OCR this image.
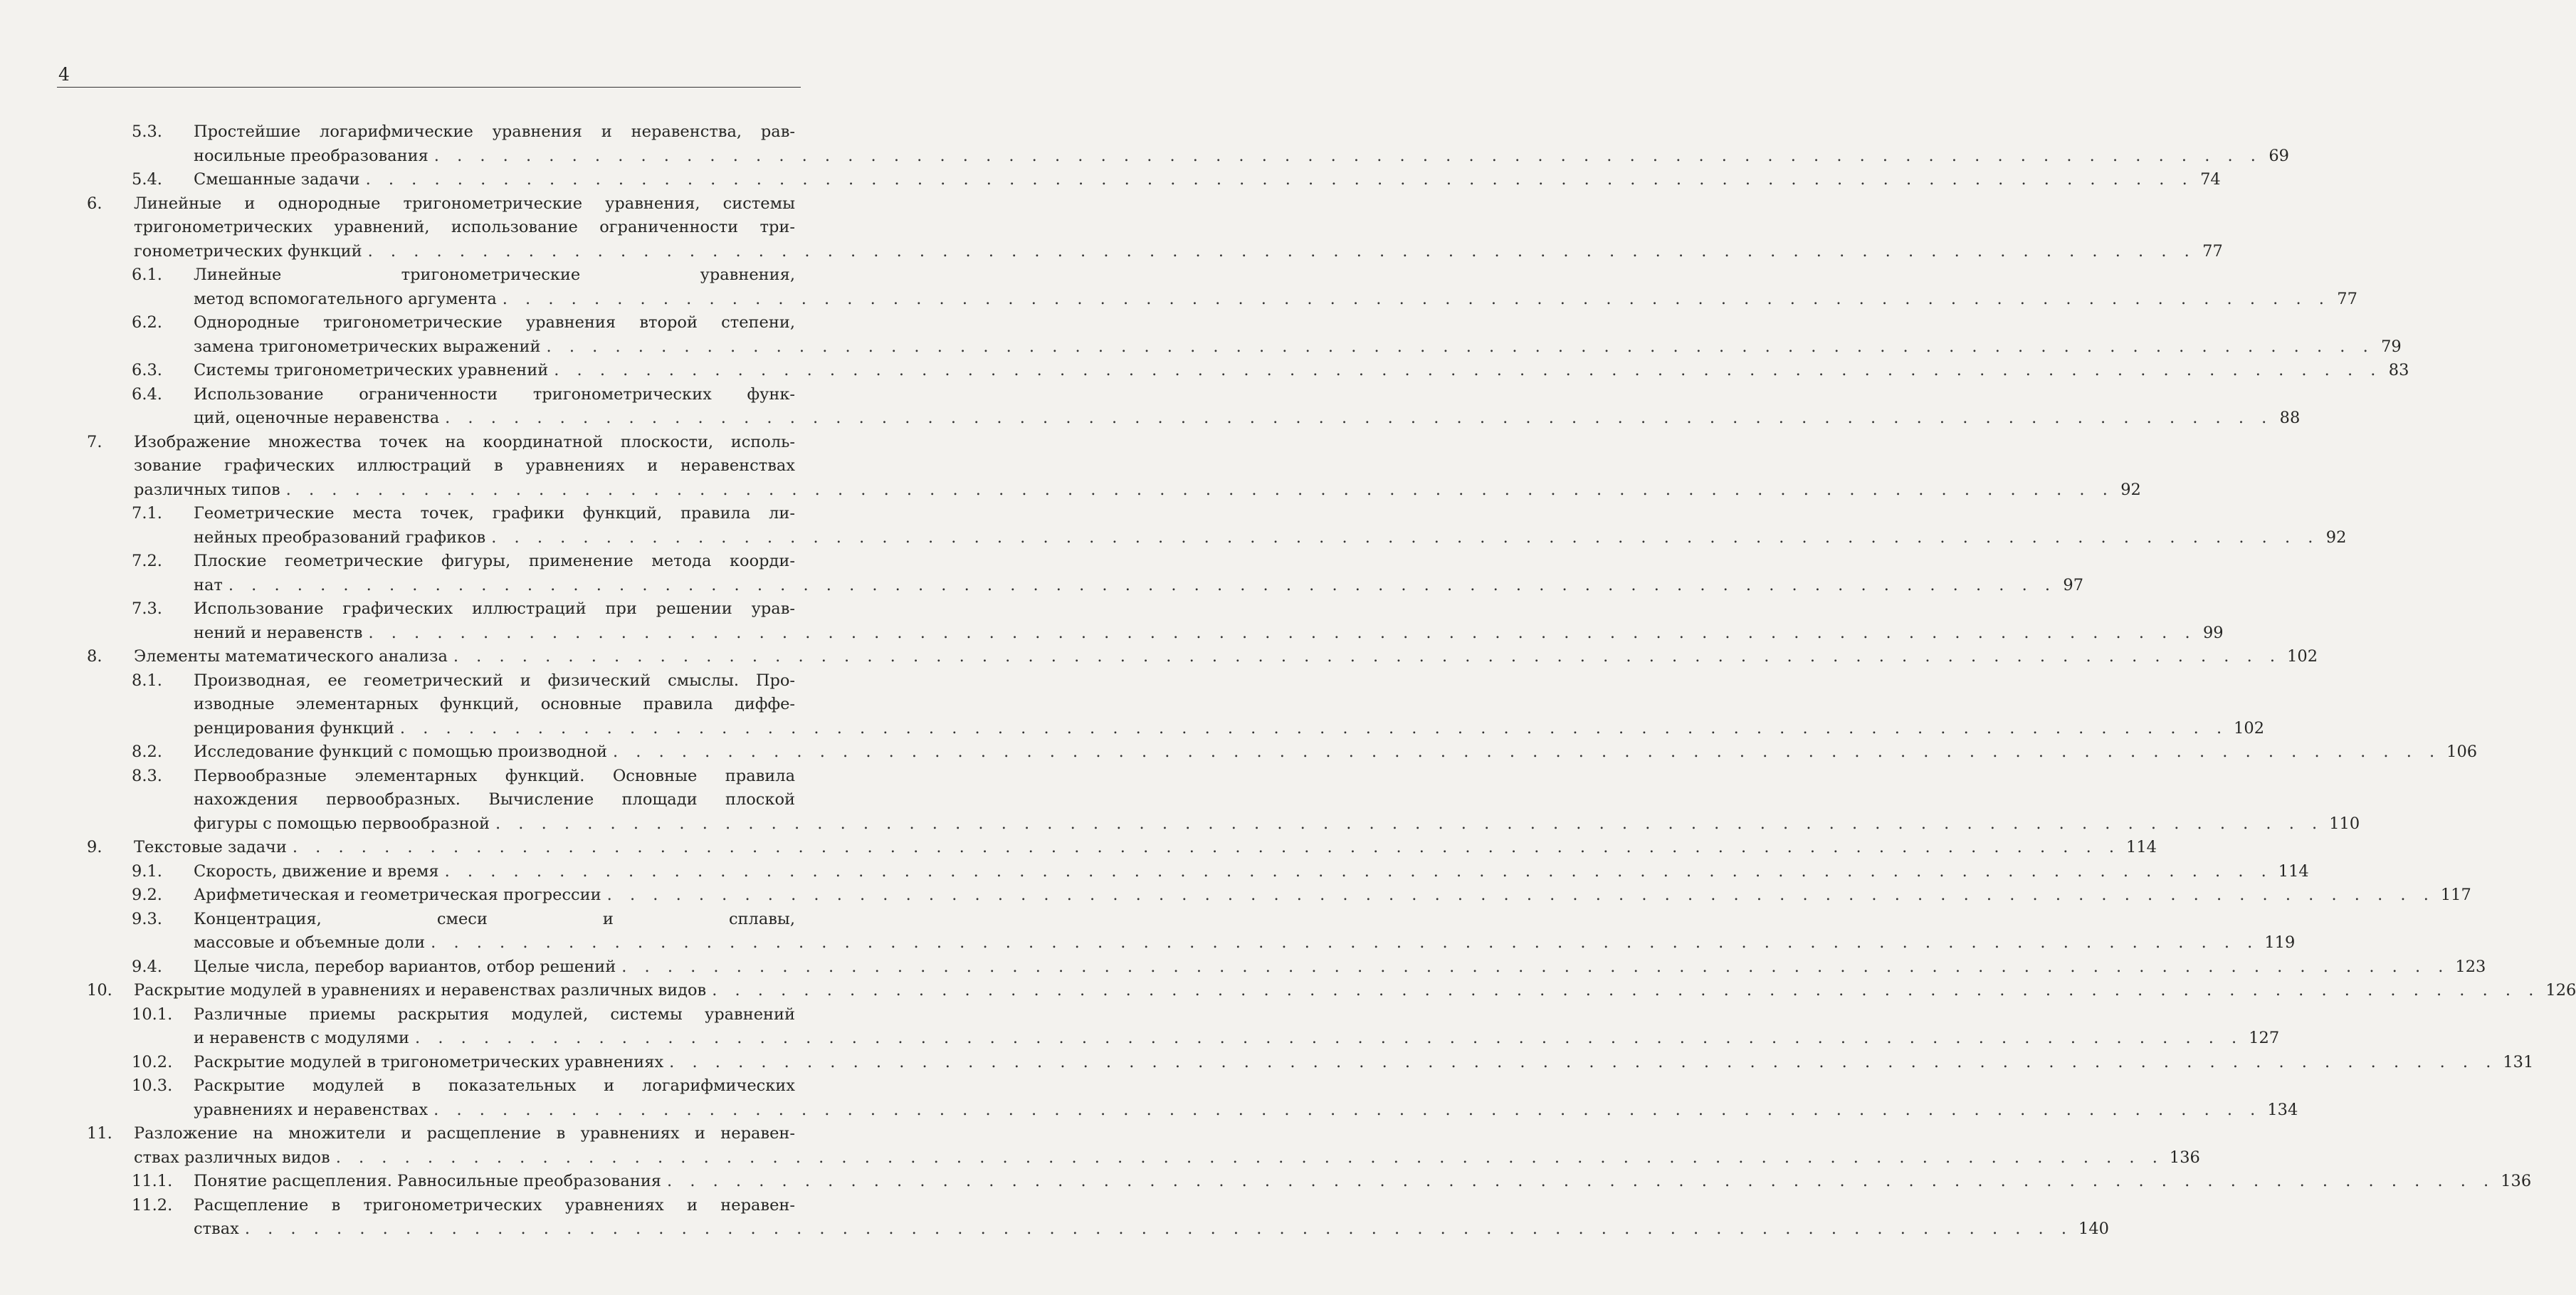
4
5.3. Простейшие логарифмические уравнения и неравенства, рав-
носильные преобразования . . . . . . . . . . . . . . . . . . . . . . . . . . . . . . . . . . . . . . . . . . . . . . . . . . . . . . . . . . . . . . . . . . . . . . . . . . . . . . . . 69
5.4. Смешанные задачи . . . . . . . . . . . . . . . . . . . . . . . . . . . . . . . . . . . . . . . . . . . . . . . . . . . . . . . . . . . . . . . . . . . . . . . . . . . . . . . . 74
6. Линейные и однородные тригонометрические уравнения, системы
тригонометрических уравнений, использование ограниченности три-
гонометрических функций . . . . . . . . . . . . . . . . . . . . . . . . . . . . . . . . . . . . . . . . . . . . . . . . . . . . . . . . . . . . . . . . . . . . . . . . . . . . . . . . 77
6.1. Линейные тригонометрические уравнения,
метод вспомогательного аргумента . . . . . . . . . . . . . . . . . . . . . . . . . . . . . . . . . . . . . . . . . . . . . . . . . . . . . . . . . . . . . . . . . . . . . . . . . . . . . . . . 77
6.2. Однородные тригонометрические уравнения второй степени,
замена тригонометрических выражений . . . . . . . . . . . . . . . . . . . . . . . . . . . . . . . . . . . . . . . . . . . . . . . . . . . . . . . . . . . . . . . . . . . . . . . . . . . . . . . . 79
6.3. Системы тригонометрических уравнений . . . . . . . . . . . . . . . . . . . . . . . . . . . . . . . . . . . . . . . . . . . . . . . . . . . . . . . . . . . . . . . . . . . . . . . . . . . . . . . . 83
6.4. Использование ограниченности тригонометрических функ-
ций, оценочные неравенства . . . . . . . . . . . . . . . . . . . . . . . . . . . . . . . . . . . . . . . . . . . . . . . . . . . . . . . . . . . . . . . . . . . . . . . . . . . . . . . . 88
7. Изображение множества точек на координатной плоскости, исполь-
зование графических иллюстраций в уравнениях и неравенствах
различных типов . . . . . . . . . . . . . . . . . . . . . . . . . . . . . . . . . . . . . . . . . . . . . . . . . . . . . . . . . . . . . . . . . . . . . . . . . . . . . . . . 92
7.1. Геометрические места точек, графики функций, правила ли-
нейных преобразований графиков . . . . . . . . . . . . . . . . . . . . . . . . . . . . . . . . . . . . . . . . . . . . . . . . . . . . . . . . . . . . . . . . . . . . . . . . . . . . . . . . 92
7.2. Плоские геометрические фигуры, применение метода коорди-
нат . . . . . . . . . . . . . . . . . . . . . . . . . . . . . . . . . . . . . . . . . . . . . . . . . . . . . . . . . . . . . . . . . . . . . . . . . . . . . . . . 97
7.3. Использование графических иллюстраций при решении урав-
нений и неравенств . . . . . . . . . . . . . . . . . . . . . . . . . . . . . . . . . . . . . . . . . . . . . . . . . . . . . . . . . . . . . . . . . . . . . . . . . . . . . . . . 99
8. Элементы математического анализа . . . . . . . . . . . . . . . . . . . . . . . . . . . . . . . . . . . . . . . . . . . . . . . . . . . . . . . . . . . . . . . . . . . . . . . . . . . . . . . . 102
8.1. Производная, ее геометрический и физический смыслы. Про-
изводные элементарных функций, основные правила диффе-
ренцирования функций . . . . . . . . . . . . . . . . . . . . . . . . . . . . . . . . . . . . . . . . . . . . . . . . . . . . . . . . . . . . . . . . . . . . . . . . . . . . . . . . 102
8.2. Исследование функций с помощью производной . . . . . . . . . . . . . . . . . . . . . . . . . . . . . . . . . . . . . . . . . . . . . . . . . . . . . . . . . . . . . . . . . . . . . . . . . . . . . . . . 106
8.3. Первообразные элементарных функций. Основные правила
нахождения первообразных. Вычисление площади плоской
фигуры с помощью первообразной . . . . . . . . . . . . . . . . . . . . . . . . . . . . . . . . . . . . . . . . . . . . . . . . . . . . . . . . . . . . . . . . . . . . . . . . . . . . . . . . 110
9. Текстовые задачи . . . . . . . . . . . . . . . . . . . . . . . . . . . . . . . . . . . . . . . . . . . . . . . . . . . . . . . . . . . . . . . . . . . . . . . . . . . . . . . . 114
9.1. Скорость, движение и время . . . . . . . . . . . . . . . . . . . . . . . . . . . . . . . . . . . . . . . . . . . . . . . . . . . . . . . . . . . . . . . . . . . . . . . . . . . . . . . . 114
9.2. Арифметическая и геометрическая прогрессии . . . . . . . . . . . . . . . . . . . . . . . . . . . . . . . . . . . . . . . . . . . . . . . . . . . . . . . . . . . . . . . . . . . . . . . . . . . . . . . . 117
9.3. Концентрация, смеси и сплавы,
массовые и объемные доли . . . . . . . . . . . . . . . . . . . . . . . . . . . . . . . . . . . . . . . . . . . . . . . . . . . . . . . . . . . . . . . . . . . . . . . . . . . . . . . . 119
9.4. Целые числа, перебор вариантов, отбор решений . . . . . . . . . . . . . . . . . . . . . . . . . . . . . . . . . . . . . . . . . . . . . . . . . . . . . . . . . . . . . . . . . . . . . . . . . . . . . . . . 123
10. Раскрытие модулей в уравнениях и неравенствах различных видов . . . . . . . . . . . . . . . . . . . . . . . . . . . . . . . . . . . . . . . . . . . . . . . . . . . . . . . . . . . . . . . . . . . . . . . . . . . . . . . . 126
10.1. Различные приемы раскрытия модулей, системы уравнений
и неравенств с модулями . . . . . . . . . . . . . . . . . . . . . . . . . . . . . . . . . . . . . . . . . . . . . . . . . . . . . . . . . . . . . . . . . . . . . . . . . . . . . . . . 127
10.2. Раскрытие модулей в тригонометрических уравнениях . . . . . . . . . . . . . . . . . . . . . . . . . . . . . . . . . . . . . . . . . . . . . . . . . . . . . . . . . . . . . . . . . . . . . . . . . . . . . . . . 131
10.3. Раскрытие модулей в показательных и логарифмических
уравнениях и неравенствах . . . . . . . . . . . . . . . . . . . . . . . . . . . . . . . . . . . . . . . . . . . . . . . . . . . . . . . . . . . . . . . . . . . . . . . . . . . . . . . . 134
11. Разложение на множители и расщепление в уравнениях и неравен-
ствах различных видов . . . . . . . . . . . . . . . . . . . . . . . . . . . . . . . . . . . . . . . . . . . . . . . . . . . . . . . . . . . . . . . . . . . . . . . . . . . . . . . . 136
11.1. Понятие расщепления. Равносильные преобразования . . . . . . . . . . . . . . . . . . . . . . . . . . . . . . . . . . . . . . . . . . . . . . . . . . . . . . . . . . . . . . . . . . . . . . . . . . . . . . . . 136
11.2. Расщепление в тригонометрических уравнениях и неравен-
ствах . . . . . . . . . . . . . . . . . . . . . . . . . . . . . . . . . . . . . . . . . . . . . . . . . . . . . . . . . . . . . . . . . . . . . . . . . . . . . . . . 140
